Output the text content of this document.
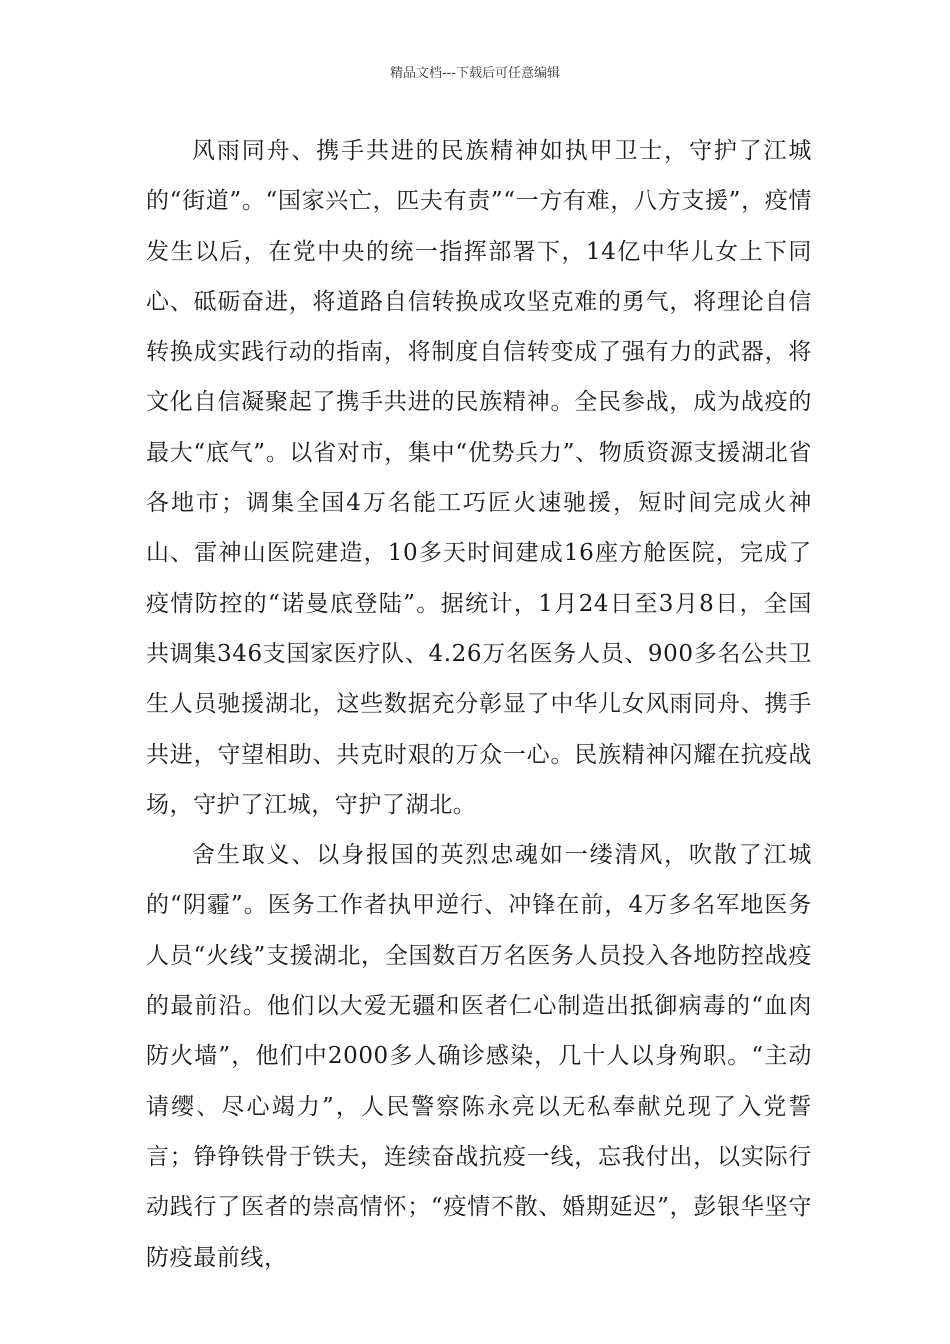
精品文档---下载后可任意编辑

风雨同舟、携手共进的民族精神如执甲卫士，守护了江城的“街道”。“国家兴亡，匹夫有责”“一方有难，八方支援”，疫情发生以后，在党中央的统一指挥部署下，14亿中华儿女上下同心、砥砺奋进，将道路自信转换成攻坚克难的勇气，将理论自信转换成实践行动的指南，将制度自信转变成了强有力的武器，将文化自信凝聚起了携手共进的民族精神。全民参战，成为战疫的最大“底气”。以省对市，集中“优势兵力”、物质资源支援湖北省各地市；调集全国4万名能工巧匠火速驰援，短时间完成火神山、雷神山医院建造，10多天时间建成16座方舱医院，完成了疫情防控的“诺曼底登陆”。据统计，1月24日至3月8日，全国共调集346支国家医疗队、4.26万名医务人员、900多名公共卫生人员驰援湖北，这些数据充分彰显了中华儿女风雨同舟、携手共进，守望相助、共克时艰的万众一心。民族精神闪耀在抗疫战场，守护了江城，守护了湖北。

舍生取义、以身报国的英烈忠魂如一缕清风，吹散了江城的“阴霾”。医务工作者执甲逆行、冲锋在前，4万多名军地医务人员“火线”支援湖北，全国数百万名医务人员投入各地防控战疫的最前沿。他们以大爱无疆和医者仁心制造出抵御病毒的“血肉防火墙”，他们中2000多人确诊感染，几十人以身殉职。“主动请缨、尽心竭力”，人民警察陈永亮以无私奉献兑现了入党誓言；铮铮铁骨于铁夫，连续奋战抗疫一线，忘我付出，以实际行动践行了医者的崇高情怀；“疫情不散、婚期延迟”，彭银华坚守防疫最前线，
